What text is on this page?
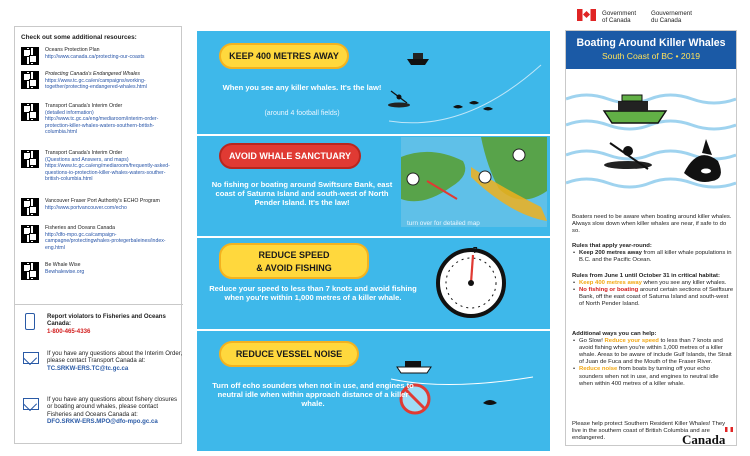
Check out some additional resources:
Oceans Protection Plan
http://www.canada.ca/protecting-our-coasts
Protecting Canada's Endangered Whales
https://www.tc.gc.ca/en/campaigns/working-together/protecting-endangered-whales.html
Transport Canada's Interim Order
(detailed information)
http://www.tc.gc.ca/eng/mediaroom/interim-order-protection-killer-whales-waters-southern-british-columbia.html
Transport Canada's Interim Order
(Questions and Answers, and maps)
https://www.tc.gc.ca/eng/mediaroom/frequently-asked-questions-io-protection-killer-whales-waters-souther-british-columbia.html
Vancouver Fraser Port Authority's ECHO Program
http://www.portvancouver.com/echo
Fisheries and Oceans Canada
http://dfo-mpo.gc.ca/campaign-campagne/protectingwhales-protegerbaleines/index-eng.html
Be Whale Wise
Bewhalewise.org
Report violators to Fisheries and Oceans Canada:
1-800-465-4336
If you have any questions about the Interim Order, please contact Transport Canada at:
TC.SRKW-ERS.TC@tc.gc.ca
If you have any questions about fishery closures or boating around whales, please contact Fisheries and Oceans Canada at:
DFO.SRKW-ERS.MPO@dfo-mpo.gc.ca
KEEP 400 METRES AWAY
When you see any killer whales. It's the law!
(around 4 football fields)
AVOID WHALE SANCTUARY
No fishing or boating around Swiftsure Bank, east coast of Saturna Island and south-west of North Pender Island. It's the law!
turn over for detailed map
REDUCE SPEED
& AVOID FISHING
7
Reduce your speed to less than 7 knots and avoid fishing when you're within 1,000 metres of a killer whale.
REDUCE VESSEL NOISE
Turn off echo sounders when not in use, and engines to neutral idle when within approach distance of a killer whale.
Government
of Canada
Gouvernement
du Canada
Boating Around Killer Whales
South Coast of BC • 2019
Boaters need to be aware when boating around killer whales. Always slow down when killer whales are near, if safe to do so.
Rules that apply year-round:
• Keep 200 metres away from all killer whale populations in B.C. and the Pacific Ocean.
Rules from June 1 until October 31 in critical habitat:
• Keep 400 metres away when you see any killer whales.
• No fishing or boating around certain sections of Swiftsure Bank, off the east coast of Saturna Island and south-west of North Pender Island.
Additional ways you can help:
• Go Slow! Reduce your speed to less than 7 knots and avoid fishing when you're within 1,000 metres of a killer whale. Areas to be aware of include Gulf Islands, the Strait of Juan de Fuca and the Mouth of the Fraser River.
• Reduce noise from boats by turning off your echo sounders when not in use, and engines to neutral idle when within 400 metres of a killer whale.
Please help protect Southern Resident Killer Whales! They live in the southern coast of British Columbia and are endangered.	Canada
